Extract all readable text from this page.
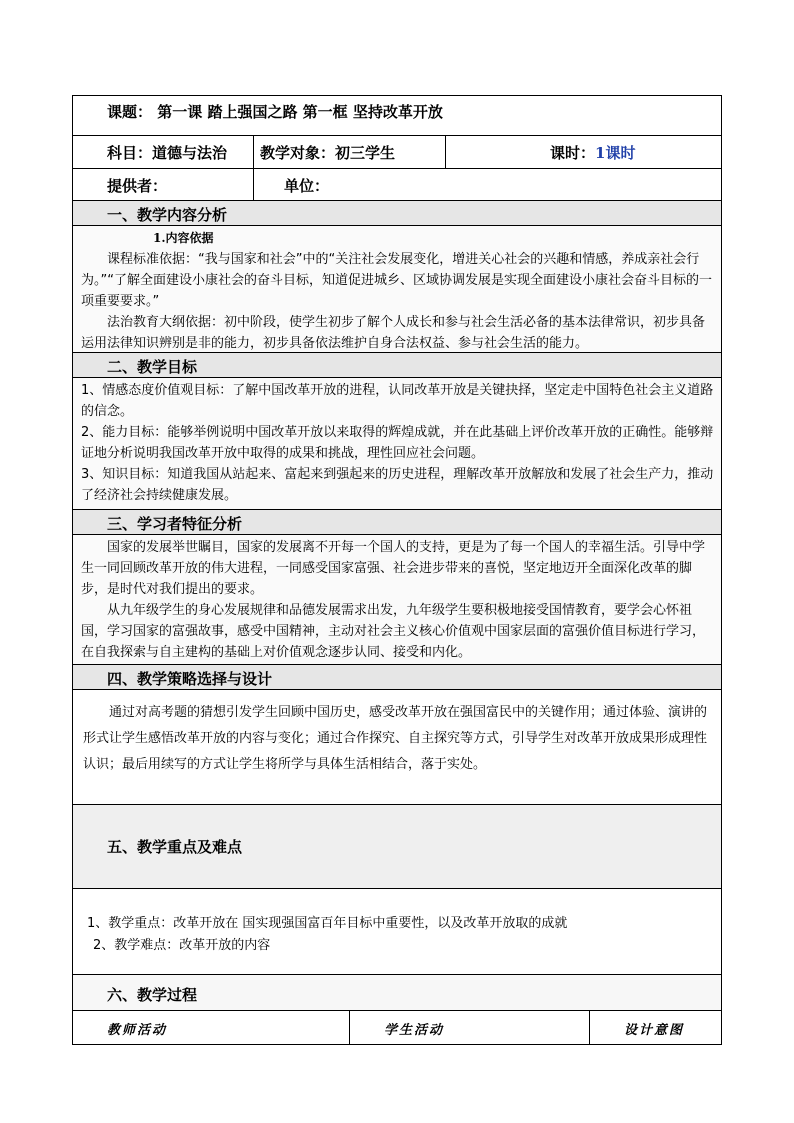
课题： 第一课 踏上强国之路 第一框 坚持改革开放
科目：道德与法治 教学对象：初三学生	课时：1课时
提供者：	单位：
一、教学内容分析

1.内容依据

课程标准依据：“我与国家和社会”中的“关注社会发展变化，增进关心社会的兴趣和情感，养成亲社会行为。”“了解全面建设小康社会的奋斗目标，知道促进城乡、区域协调发展是实现全面建设小康社会奋斗目标的一项重要要求。”

法治教育大纲依据：初中阶段，使学生初步了解个人成长和参与社会生活必备的基本法律常识，初步具备运用法律知识辨别是非的能力，初步具备依法维护自身合法权益、参与社会生活的能力。

二、教学目标

1、情感态度价值观目标：了解中国改革开放的进程，认同改革开放是关键抉择，坚定走中国特色社会主义道路的信念。

2、能力目标：能够举例说明中国改革开放以来取得的辉煌成就，并在此基础上评价改革开放的正确性。能够辩证地分析说明我国改革开放中取得的成果和挑战，理性回应社会问题。

3、知识目标：知道我国从站起来、富起来到强起来的历史进程，理解改革开放解放和发展了社会生产力，推动了经济社会持续健康发展。

三、学习者特征分析

国家的发展举世瞩目，国家的发展离不开每一个国人的支持，更是为了每一个国人的幸福生活。引导中学生一同回顾改革开放的伟大进程，一同感受国家富强、社会进步带来的喜悦，坚定地迈开全面深化改革的脚步，是时代对我们提出的要求。

从九年级学生的身心发展规律和品德发展需求出发，九年级学生要积极地接受国情教育，要学会心怀祖国，学习国家的富强故事，感受中国精神，主动对社会主义核心价值观中国家层面的富强价值目标进行学习，在自我探索与自主建构的基础上对价值观念逐步认同、接受和内化。

四、教学策略选择与设计

通过对高考题的猜想引发学生回顾中国历史，感受改革开放在强国富民中的关键作用；通过体验、演讲的形式让学生感悟改革开放的内容与变化；通过合作探究、自主探究等方式，引导学生对改革开放成果形成理性认识；最后用续写的方式让学生将所学与具体生活相结合，落于实处。

五、教学重点及难点
1、教学重点：改革开放在 国实现强国富百年目标中重要性，以及改革开放取的成就
2、教学难点：改革开放的内容
六、教学过程
教师活动	学生活动	设计意图
